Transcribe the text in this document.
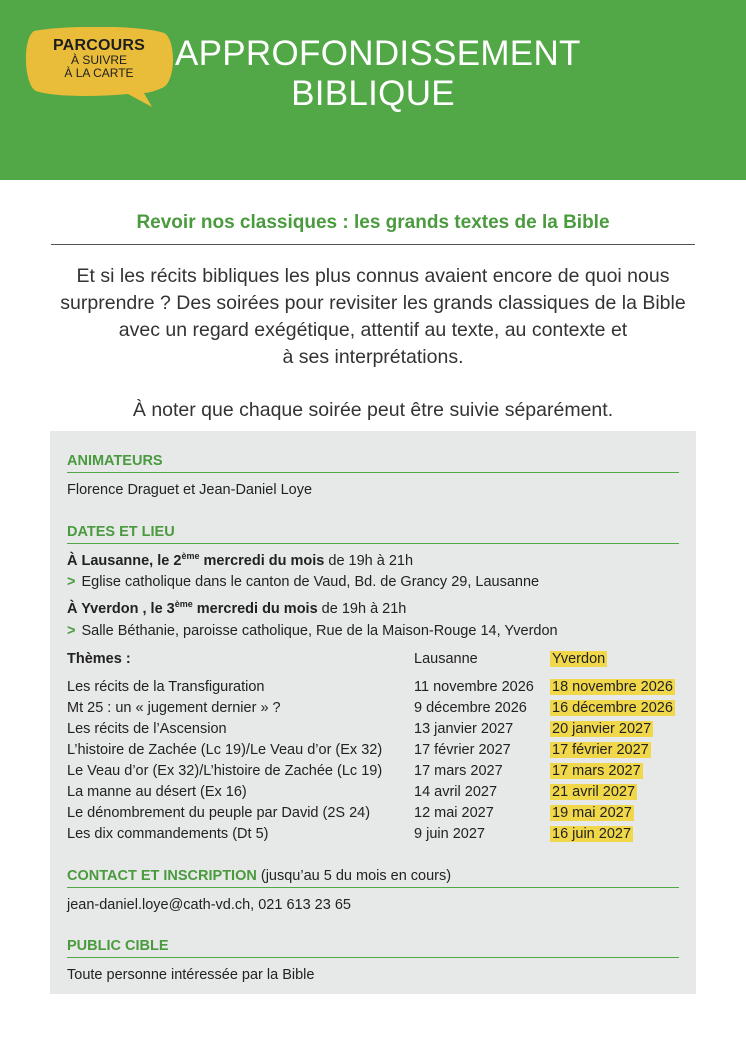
PARCOURS
À SUIVRE
À LA CARTE	APPROFONDISSEMENT
BIBLIQUE
Revoir nos classiques : les grands textes de la Bible

Et si les récits bibliques les plus connus avaient encore de quoi nous

surprendre ? Des soirées pour revisiter les grands classiques de la Bible

avec un regard exégétique, attentif au texte, au contexte et

à ses interprétations.

À noter que chaque soirée peut être suivie séparément.
ANIMATEURS
Florence Draguet et Jean-Daniel Loye
DATES ET LIEU
À Lausanne, le 2ème mercredi du mois de 19h à 21h
> Eglise catholique dans le canton de Vaud, Bd. de Grancy 29, Lausanne
À Yverdon , le 3ème mercredi du mois de 19h à 21h
> Salle Béthanie, paroisse catholique, Rue de la Maison-Rouge 14, Yverdon
Thèmes :	Lausanne	Yverdon
Les récits de la Transfiguration	11 novembre 2026 18 novembre 2026
Mt 25 : un « jugement dernier » ?	9 décembre 2026 16 décembre 2026
Les récits de l’Ascension	13 janvier 2027	20 janvier 2027
L’histoire de Zachée (Lc 19)/Le Veau d’or (Ex 32) 17 février 2027	17 février 2027
Le Veau d’or (Ex 32)/L’histoire de Zachée (Lc 19) 17 mars 2027	17 mars 2027
La manne au désert (Ex 16)	14 avril 2027	21 avril 2027
Le dénombrement du peuple par David (2S 24)	12 mai 2027	19 mai 2027
Les dix commandements (Dt 5)	9 juin 2027	16 juin 2027
CONTACT ET INSCRIPTION (jusqu’au 5 du mois en cours)
jean-daniel.loye@cath-vd.ch, 021 613 23 65
PUBLIC CIBLE
Toute personne intéressée par la Bible
